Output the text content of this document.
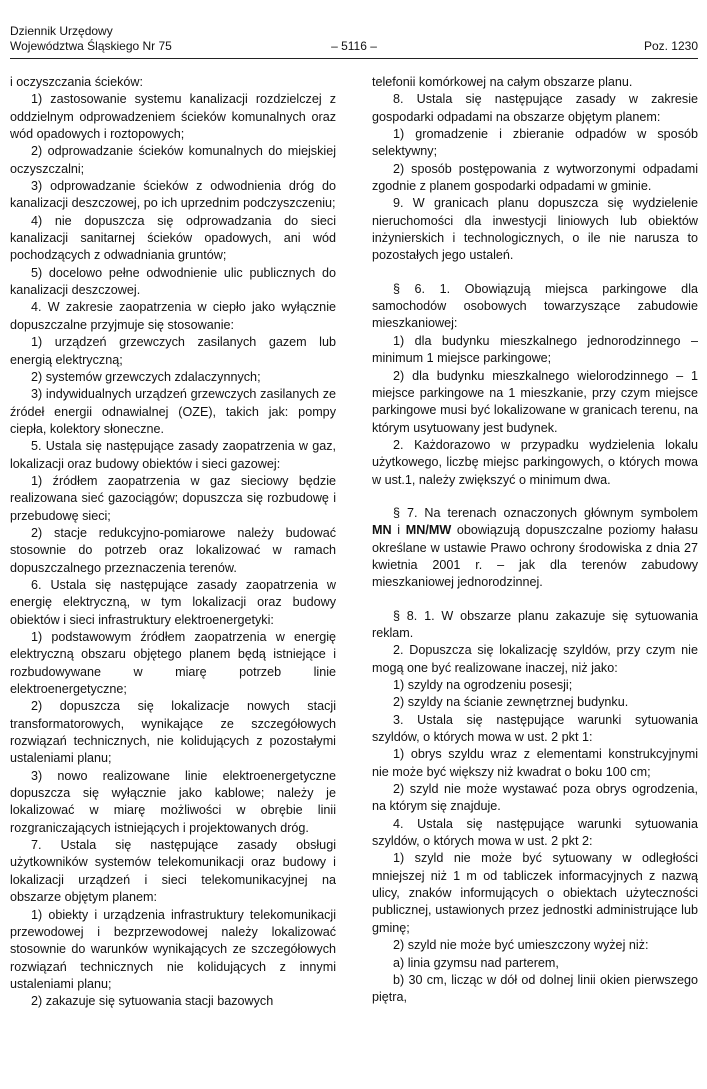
Dziennik Urzędowy
Województwa Śląskiego Nr 75	– 5116 –	Poz. 1230

i oczyszczania ścieków:

1) zastosowanie systemu kanalizacji rozdzielczej z oddzielnym odprowadzeniem ścieków komunalnych oraz wód opadowych i roztopowych;

2) odprowadzanie ścieków komunalnych do miejskiej oczyszczalni;

3) odprowadzanie ścieków z odwodnienia dróg do kanalizacji deszczowej, po ich uprzednim podczyszczeniu;

4) nie dopuszcza się odprowadzania do sieci kanalizacji sanitarnej ścieków opadowych, ani wód pochodzących z odwadniania gruntów;

5) docelowo pełne odwodnienie ulic publicznych do kanalizacji deszczowej.

4. W zakresie zaopatrzenia w ciepło jako wyłącznie dopuszczalne przyjmuje się stosowanie:

1) urządzeń grzewczych zasilanych gazem lub energią elektryczną;

2) systemów grzewczych zdalaczynnych;

3) indywidualnych urządzeń grzewczych zasilanych ze źródeł energii odnawialnej (OZE), takich jak: pompy ciepła, kolektory słoneczne.

5. Ustala się następujące zasady zaopatrzenia w gaz, lokalizacji oraz budowy obiektów i sieci gazowej:

1) źródłem zaopatrzenia w gaz sieciowy będzie realizowana sieć gazociągów; dopuszcza się rozbudowę i przebudowę sieci;

2) stacje redukcyjno-pomiarowe należy budować stosownie do potrzeb oraz lokalizować w ramach dopuszczalnego przeznaczenia terenów.

6. Ustala się następujące zasady zaopatrzenia w energię elektryczną, w tym lokalizacji oraz budowy obiektów i sieci infrastruktury elektroenergetyki:

1) podstawowym źródłem zaopatrzenia w energię elektryczną obszaru objętego planem będą istniejące i rozbudowywane w miarę potrzeb linie elektroenergetyczne;

2) dopuszcza się lokalizacje nowych stacji transformatorowych, wynikające ze szczegółowych rozwiązań technicznych, nie kolidujących z pozostałymi ustaleniami planu;

3) nowo realizowane linie elektroenergetyczne dopuszcza się wyłącznie jako kablowe; należy je lokalizować w miarę możliwości w obrębie linii rozgraniczających istniejących i projektowanych dróg.

7. Ustala się następujące zasady obsługi użytkowników systemów telekomunikacji oraz budowy i lokalizacji urządzeń i sieci telekomunikacyjnej na obszarze objętym planem:

1) obiekty i urządzenia infrastruktury telekomunikacji przewodowej i bezprzewodowej należy lokalizować stosownie do warunków wynikających ze szczegółowych rozwiązań technicznych nie kolidujących z innymi ustaleniami planu;

2) zakazuje się sytuowania stacji bazowych

telefonii komórkowej na całym obszarze planu.

8. Ustala się następujące zasady w zakresie gospodarki odpadami na obszarze objętym planem:

1) gromadzenie i zbieranie odpadów w sposób selektywny;

2) sposób postępowania z wytworzonymi odpadami zgodnie z planem gospodarki odpadami w gminie.

9. W granicach planu dopuszcza się wydzielenie nieruchomości dla inwestycji liniowych lub obiektów inżynierskich i technologicznych, o ile nie narusza to pozostałych jego ustaleń.

§ 6. 1. Obowiązują miejsca parkingowe dla samochodów osobowych towarzyszące zabudowie mieszkaniowej:

1) dla budynku mieszkalnego jednorodzinnego – minimum 1 miejsce parkingowe;

2) dla budynku mieszkalnego wielorodzinnego – 1 miejsce parkingowe na 1 mieszkanie, przy czym miejsce parkingowe musi być lokalizowane w granicach terenu, na którym usytuowany jest budynek.

2. Każdorazowo w przypadku wydzielenia lokalu użytkowego, liczbę miejsc parkingowych, o których mowa w ust.1, należy zwiększyć o minimum dwa.

§ 7. Na terenach oznaczonych głównym symbolem MN i MN/MW obowiązują dopuszczalne poziomy hałasu określane w ustawie Prawo ochrony środowiska z dnia 27 kwietnia 2001 r. – jak dla terenów zabudowy mieszkaniowej jednorodzinnej.

§ 8. 1. W obszarze planu zakazuje się sytuowania reklam.

2. Dopuszcza się lokalizację szyldów, przy czym nie mogą one być realizowane inaczej, niż jako:

1) szyldy na ogrodzeniu posesji;

2) szyldy na ścianie zewnętrznej budynku.

3. Ustala się następujące warunki sytuowania szyldów, o których mowa w ust. 2 pkt 1:

1) obrys szyldu wraz z elementami konstrukcyjnymi nie może być większy niż kwadrat o boku 100 cm;

2) szyld nie może wystawać poza obrys ogrodzenia, na którym się znajduje.

4. Ustala się następujące warunki sytuowania szyldów, o których mowa w ust. 2 pkt 2:

1) szyld nie może być sytuowany w odległości mniejszej niż 1 m od tabliczek informacyjnych z nazwą ulicy, znaków informujących o obiektach użyteczności publicznej, ustawionych przez jednostki administrujące lub gminę;

2) szyld nie może być umieszczony wyżej niż:

a) linia gzymsu nad parterem,

b) 30 cm, licząc w dół od dolnej linii okien pierwszego piętra,
